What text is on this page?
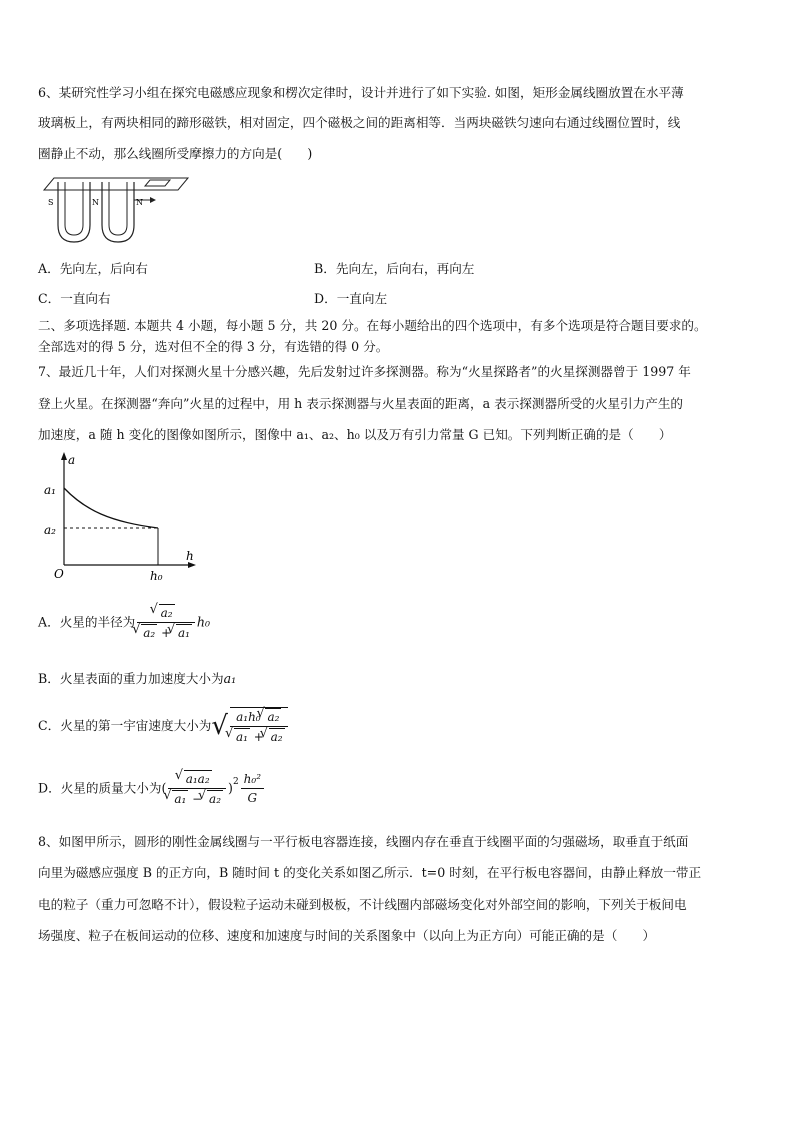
6、某研究性学习小组在探究电磁感应现象和楞次定律时，设计并进行了如下实验. 如图，矩形金属线圈放置在水平薄
玻璃板上，有两块相同的蹄形磁铁，相对固定，四个磁极之间的距离相等．当两块磁铁匀速向右通过线圈位置时，线
圈静止不动，那么线圈所受摩擦力的方向是(　　)
S	N	N
A．先向左，后向右	B．先向左，后向右，再向左
C．一直向右	D．一直向左
二、多项选择题. 本题共 4 小题，每小题 5 分，共 20 分。在每小题给出的四个选项中，有多个选项是符合题目要求的。
全部选对的得 5 分，选对但不全的得 3 分，有选错的得 0 分。
7、最近几十年，人们对探测火星十分感兴趣，先后发射过许多探测器。称为“火星探路者”的火星探测器曾于 1997 年
登上火星。在探测器“奔向”火星的过程中，用 h 表示探测器与火星表面的距离，a 表示探测器所受的火星引力产生的
加速度，a 随 h 变化的图像如图所示，图像中 a₁、a₂、h₀ 以及万有引力常量 G 已知。下列判断正确的是（　　）
a
h
O
a₁
a₂
h₀
A．火星的半径为 √ a₂
√ a₂ + √ a₁ h₀
B．火星表面的重力加速度大小为a₁
C．火星的第一宇宙速度大小为√ a₁h₀ √ a₂
√ a₁ + √ a₂
D．火星的质量大小为( √ a₁a₂
√ a₁ − √ a₂ )$^2 \frac{\text{h₀²}}{G}$
8、如图甲所示，圆形的刚性金属线圈与一平行板电容器连接，线圈内存在垂直于线圈平面的匀强磁场，取垂直于纸面
向里为磁感应强度 B 的正方向，B 随时间 t 的变化关系如图乙所示．t=0 时刻，在平行板电容器间，由静止释放一带正
电的粒子（重力可忽略不计），假设粒子运动未碰到极板，不计线圈内部磁场变化对外部空间的影响，下列关于板间电
场强度、粒子在板间运动的位移、速度和加速度与时间的关系图象中（以向上为正方向）可能正确的是（　　）
